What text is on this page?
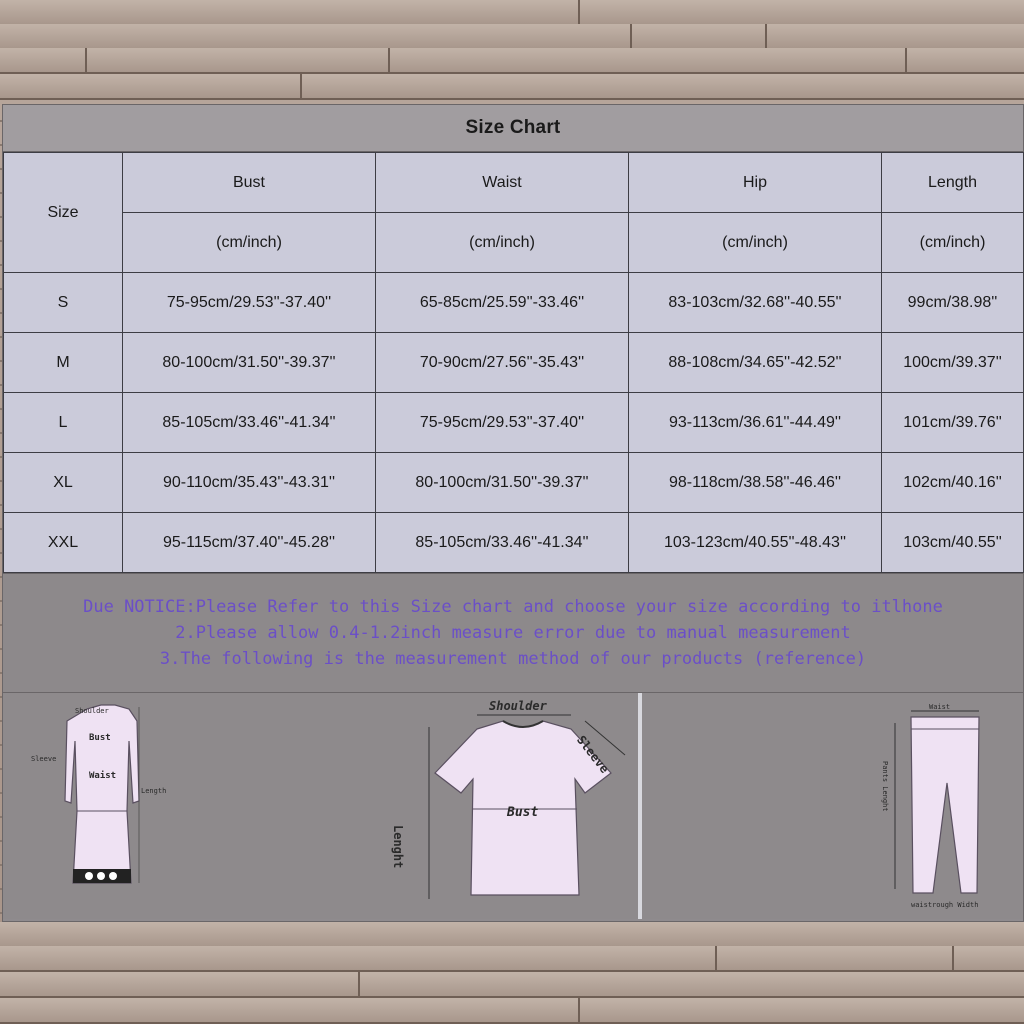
Size Chart
Size	Bust	Waist	Hip	Length
	(cm/inch)	(cm/inch)	(cm/inch)	(cm/inch)
S	75-95cm/29.53''-37.40''	65-85cm/25.59''-33.46''	83-103cm/32.68''-40.55''	99cm/38.98''
M	80-100cm/31.50''-39.37''	70-90cm/27.56''-35.43''	88-108cm/34.65''-42.52''	100cm/39.37''
L	85-105cm/33.46''-41.34''	75-95cm/29.53''-37.40''	93-113cm/36.61''-44.49''	101cm/39.76''
XL	90-110cm/35.43''-43.31''	80-100cm/31.50''-39.37''	98-118cm/38.58''-46.46''	102cm/40.16''
XXL	95-115cm/37.40''-45.28''	85-105cm/33.46''-41.34''	103-123cm/40.55''-48.43''	103cm/40.55''
Due NOTICE:Please Refer to this Size chart and choose your size according to itlhone
2.Please allow 0.4-1.2inch measure error due to manual measurement
3.The following is the measurement method of our products (reference)
Shoulder
Bust
Waist
Sleeve
Length
Shoulder
Sleeve
Lenght
Bust
Waist
Pants Lenght
waistrough Width
